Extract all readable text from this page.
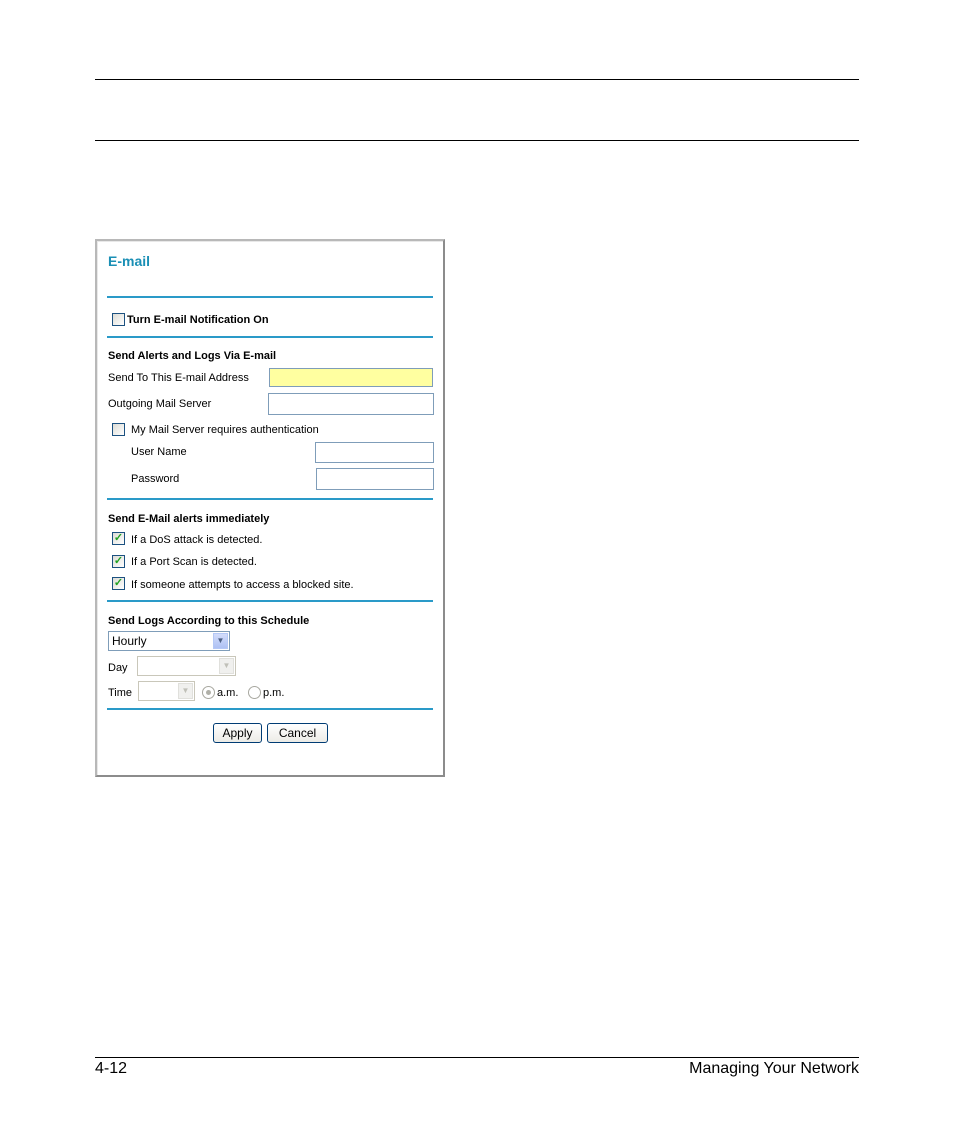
E-mail
Turn E-mail Notification On
Send Alerts and Logs Via E-mail
Send To This E-mail Address
Outgoing Mail Server
My Mail Server requires authentication
User Name
Password
Send E-Mail alerts immediately
✓ If a DoS attack is detected.
✓ If a Port Scan is detected.
✓ If someone attempts to access a blocked site.
Send Logs According to this Schedule
Hourly	▼
Day	▼
Time	▼	a.m. p.m.
Apply	Cancel
4-12	Managing Your Network
